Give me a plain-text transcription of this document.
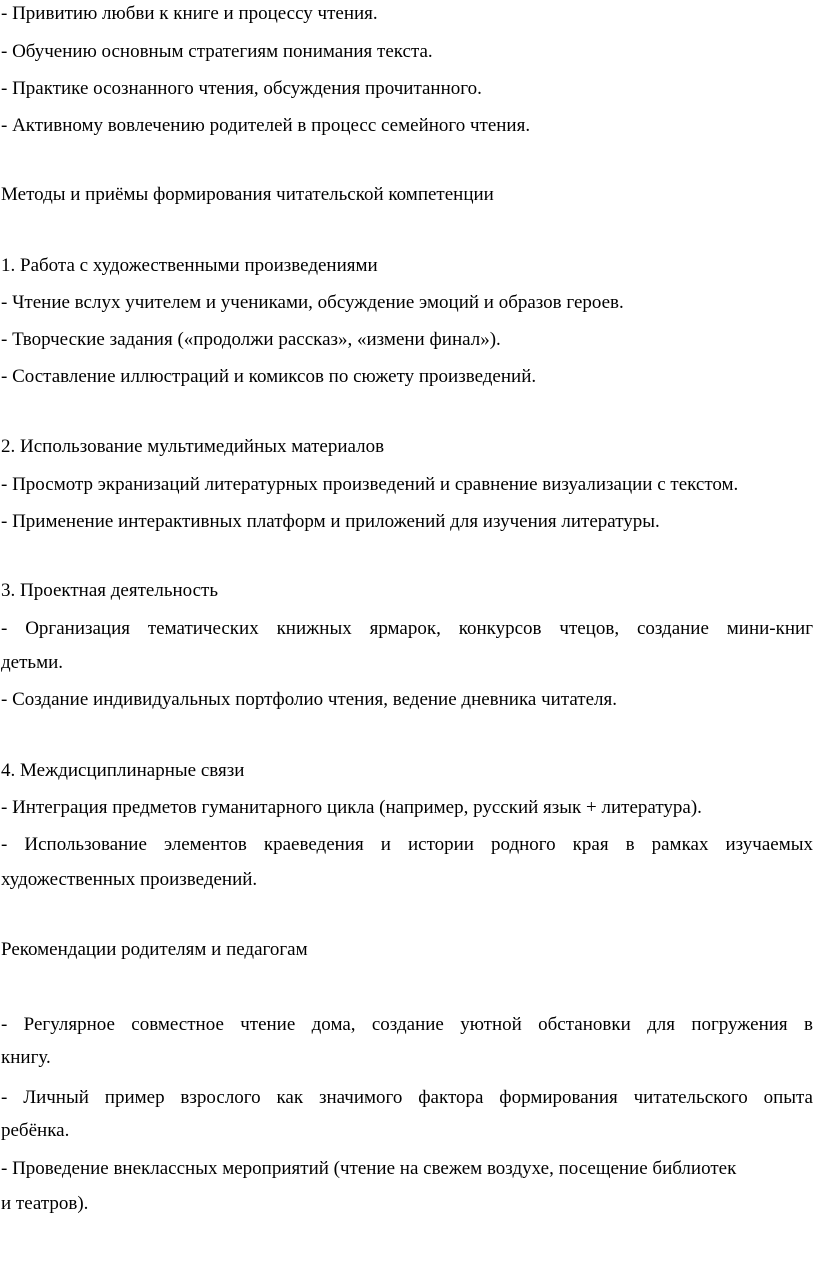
- Привитию любви к книге и процессу чтения.
- Обучению основным стратегиям понимания текста.
- Практике осознанного чтения, обсуждения прочитанного.
- Активному вовлечению родителей в процесс семейного чтения.
Методы и приёмы формирования читательской компетенции
1. Работа с художественными произведениями
- Чтение вслух учителем и учениками, обсуждение эмоций и образов героев.
- Творческие задания («продолжи рассказ», «измени финал»).
- Составление иллюстраций и комиксов по сюжету произведений.
2. Использование мультимедийных материалов
- Просмотр экранизаций литературных произведений и сравнение визуализации с текстом.
- Применение интерактивных платформ и приложений для изучения литературы.
3. Проектная деятельность
- Организация тематических книжных ярмарок, конкурсов чтецов, создание мини-книг
детьми.
- Создание индивидуальных портфолио чтения, ведение дневника читателя.
4. Междисциплинарные связи
- Интеграция предметов гуманитарного цикла (например, русский язык + литература).
- Использование элементов краеведения и истории родного края в рамках изучаемых
художественных произведений.
Рекомендации родителям и педагогам
- Регулярное совместное чтение дома, создание уютной обстановки для погружения в
книгу.
- Личный пример взрослого как значимого фактора формирования читательского опыта
ребёнка.
- Проведение внеклассных мероприятий (чтение на свежем воздухе, посещение библиотек
и театров).
